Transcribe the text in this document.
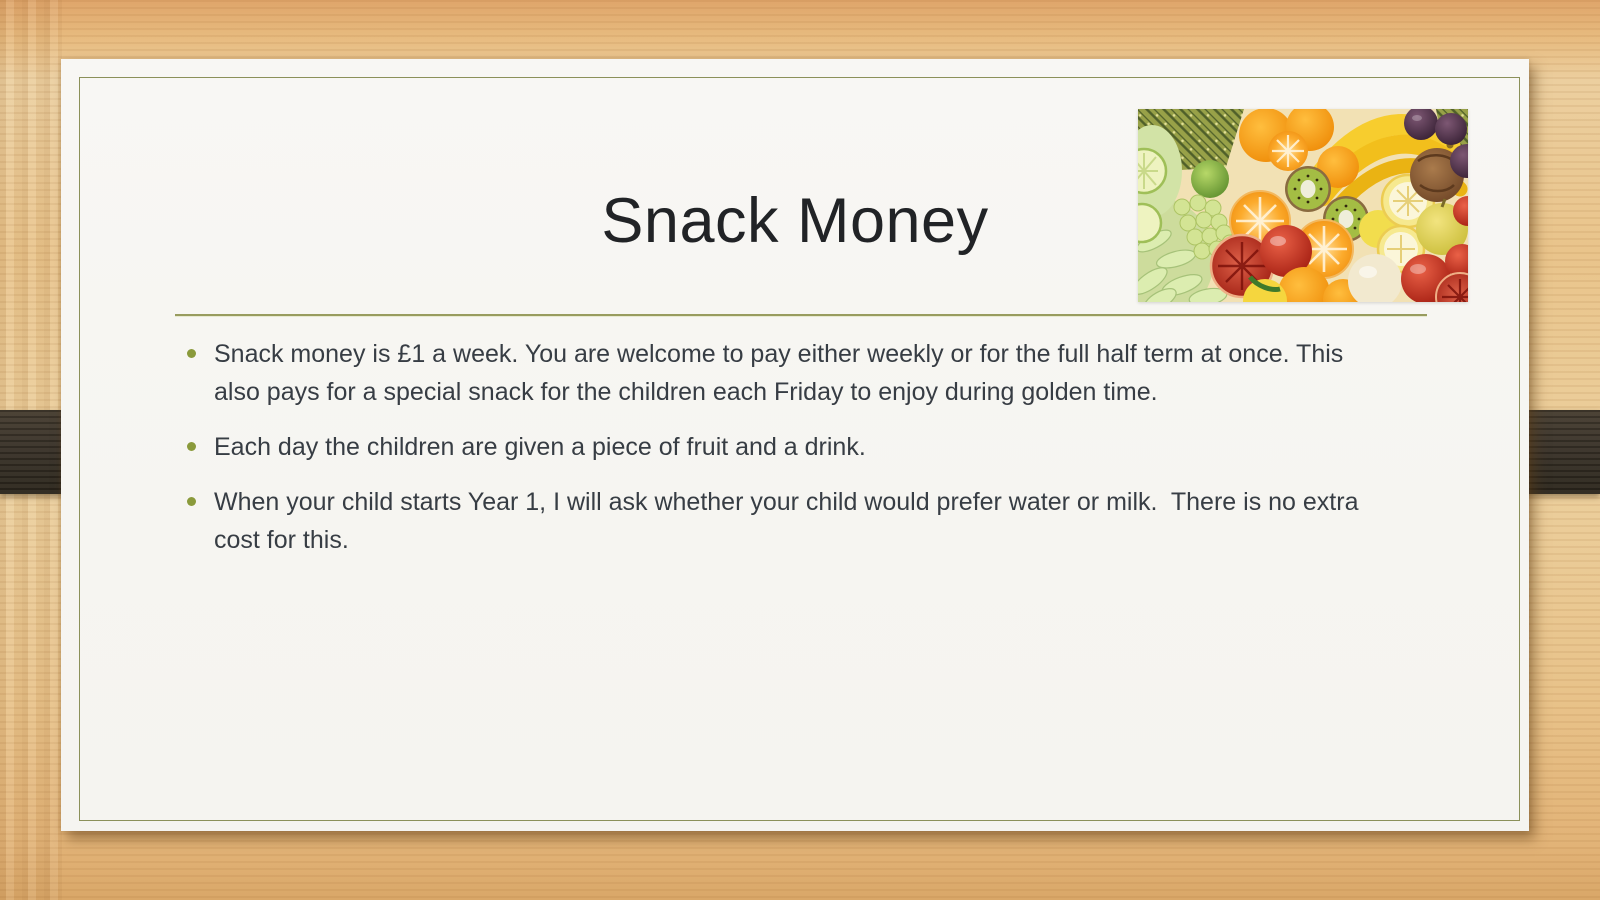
Snack Money
Snack money is £1 a week. You are welcome to pay either weekly or for the full half term at once. This also pays for a special snack for the children each Friday to enjoy during golden time.
Each day the children are given a piece of fruit and a drink.
When your child starts Year 1, I will ask whether your child would prefer water or milk.  There is no extra cost for this.
